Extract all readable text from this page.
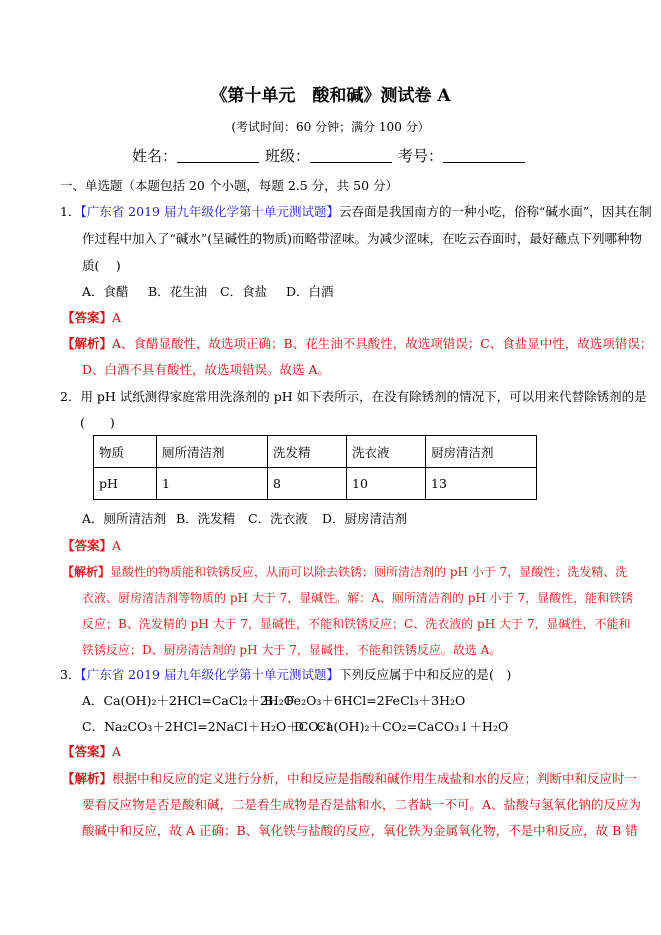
《第十单元　酸和碱》测试卷 A
(考试时间：60 分钟；满分 100 分）
姓名：	班级：	考号：
一、单选题（本题包括 20 个小题，每题 2.5 分，共 50 分）
1．【广东省 2019 届九年级化学第十单元测试题】云吞面是我国南方的一种小吃，俗称“碱水面”，因其在制
作过程中加入了“碱水”(呈碱性的物质)而略带涩味。为减少涩味，在吃云吞面时，最好蘸点下列哪种物
质(　 )
A．食醋 B．花生油 C．食盐 D．白酒
【答案】A
【解析】A、食醋显酸性，故选项正确；B、花生油不具酸性，故选项错误；C、食盐显中性，故选项错误；
D、白酒不具有酸性，故选项错误。故选 A。
2．用 pH 试纸测得家庭常用洗涤剂的 pH 如下表所示，在没有除锈剂的情况下，可以用来代替除锈剂的是
(　　)
物质	厕所清洁剂	洗发精	洗衣液	厨房清洁剂
pH	1	8	10	13
A．厕所清洁剂 B．洗发精 C．洗衣液 D．厨房清洁剂
【答案】A
【解析】显酸性的物质能和铁锈反应，从而可以除去铁锈；厕所清洁剂的 pH 小于 7，显酸性；洗发精、洗
衣液、厨房清洁剂等物质的 pH 大于 7，显碱性。解：A、厕所清洁剂的 pH 小于 7，显酸性，能和铁锈
反应；B、洗发精的 pH 大于 7，显碱性，不能和铁锈反应；C、洗衣液的 pH 大于 7，显碱性，不能和
铁锈反应；D、厨房清洁剂的 pH 大于 7，显碱性，不能和铁锈反应。故选 A。
3．【广东省 2019 届九年级化学第十单元测试题】下列反应属于中和反应的是(　)
A．Ca(OH)₂＋2HCl=CaCl₂＋2H₂OB．Fe₂O₃＋6HCl=2FeCl₃＋3H₂O
C．Na₂CO₃＋2HCl=2NaCl＋H₂O＋CO₂↑D．Ca(OH)₂＋CO₂=CaCO₃↓＋H₂O
【答案】A
【解析】根据中和反应的定义进行分析，中和反应是指酸和碱作用生成盐和水的反应；判断中和反应时一
要看反应物是否是酸和碱，二是看生成物是否是盐和水，二者缺一不可。A、盐酸与氢氧化钠的反应为
酸碱中和反应，故 A 正确；B、氧化铁与盐酸的反应，氧化铁为金属氧化物，不是中和反应，故 B 错
